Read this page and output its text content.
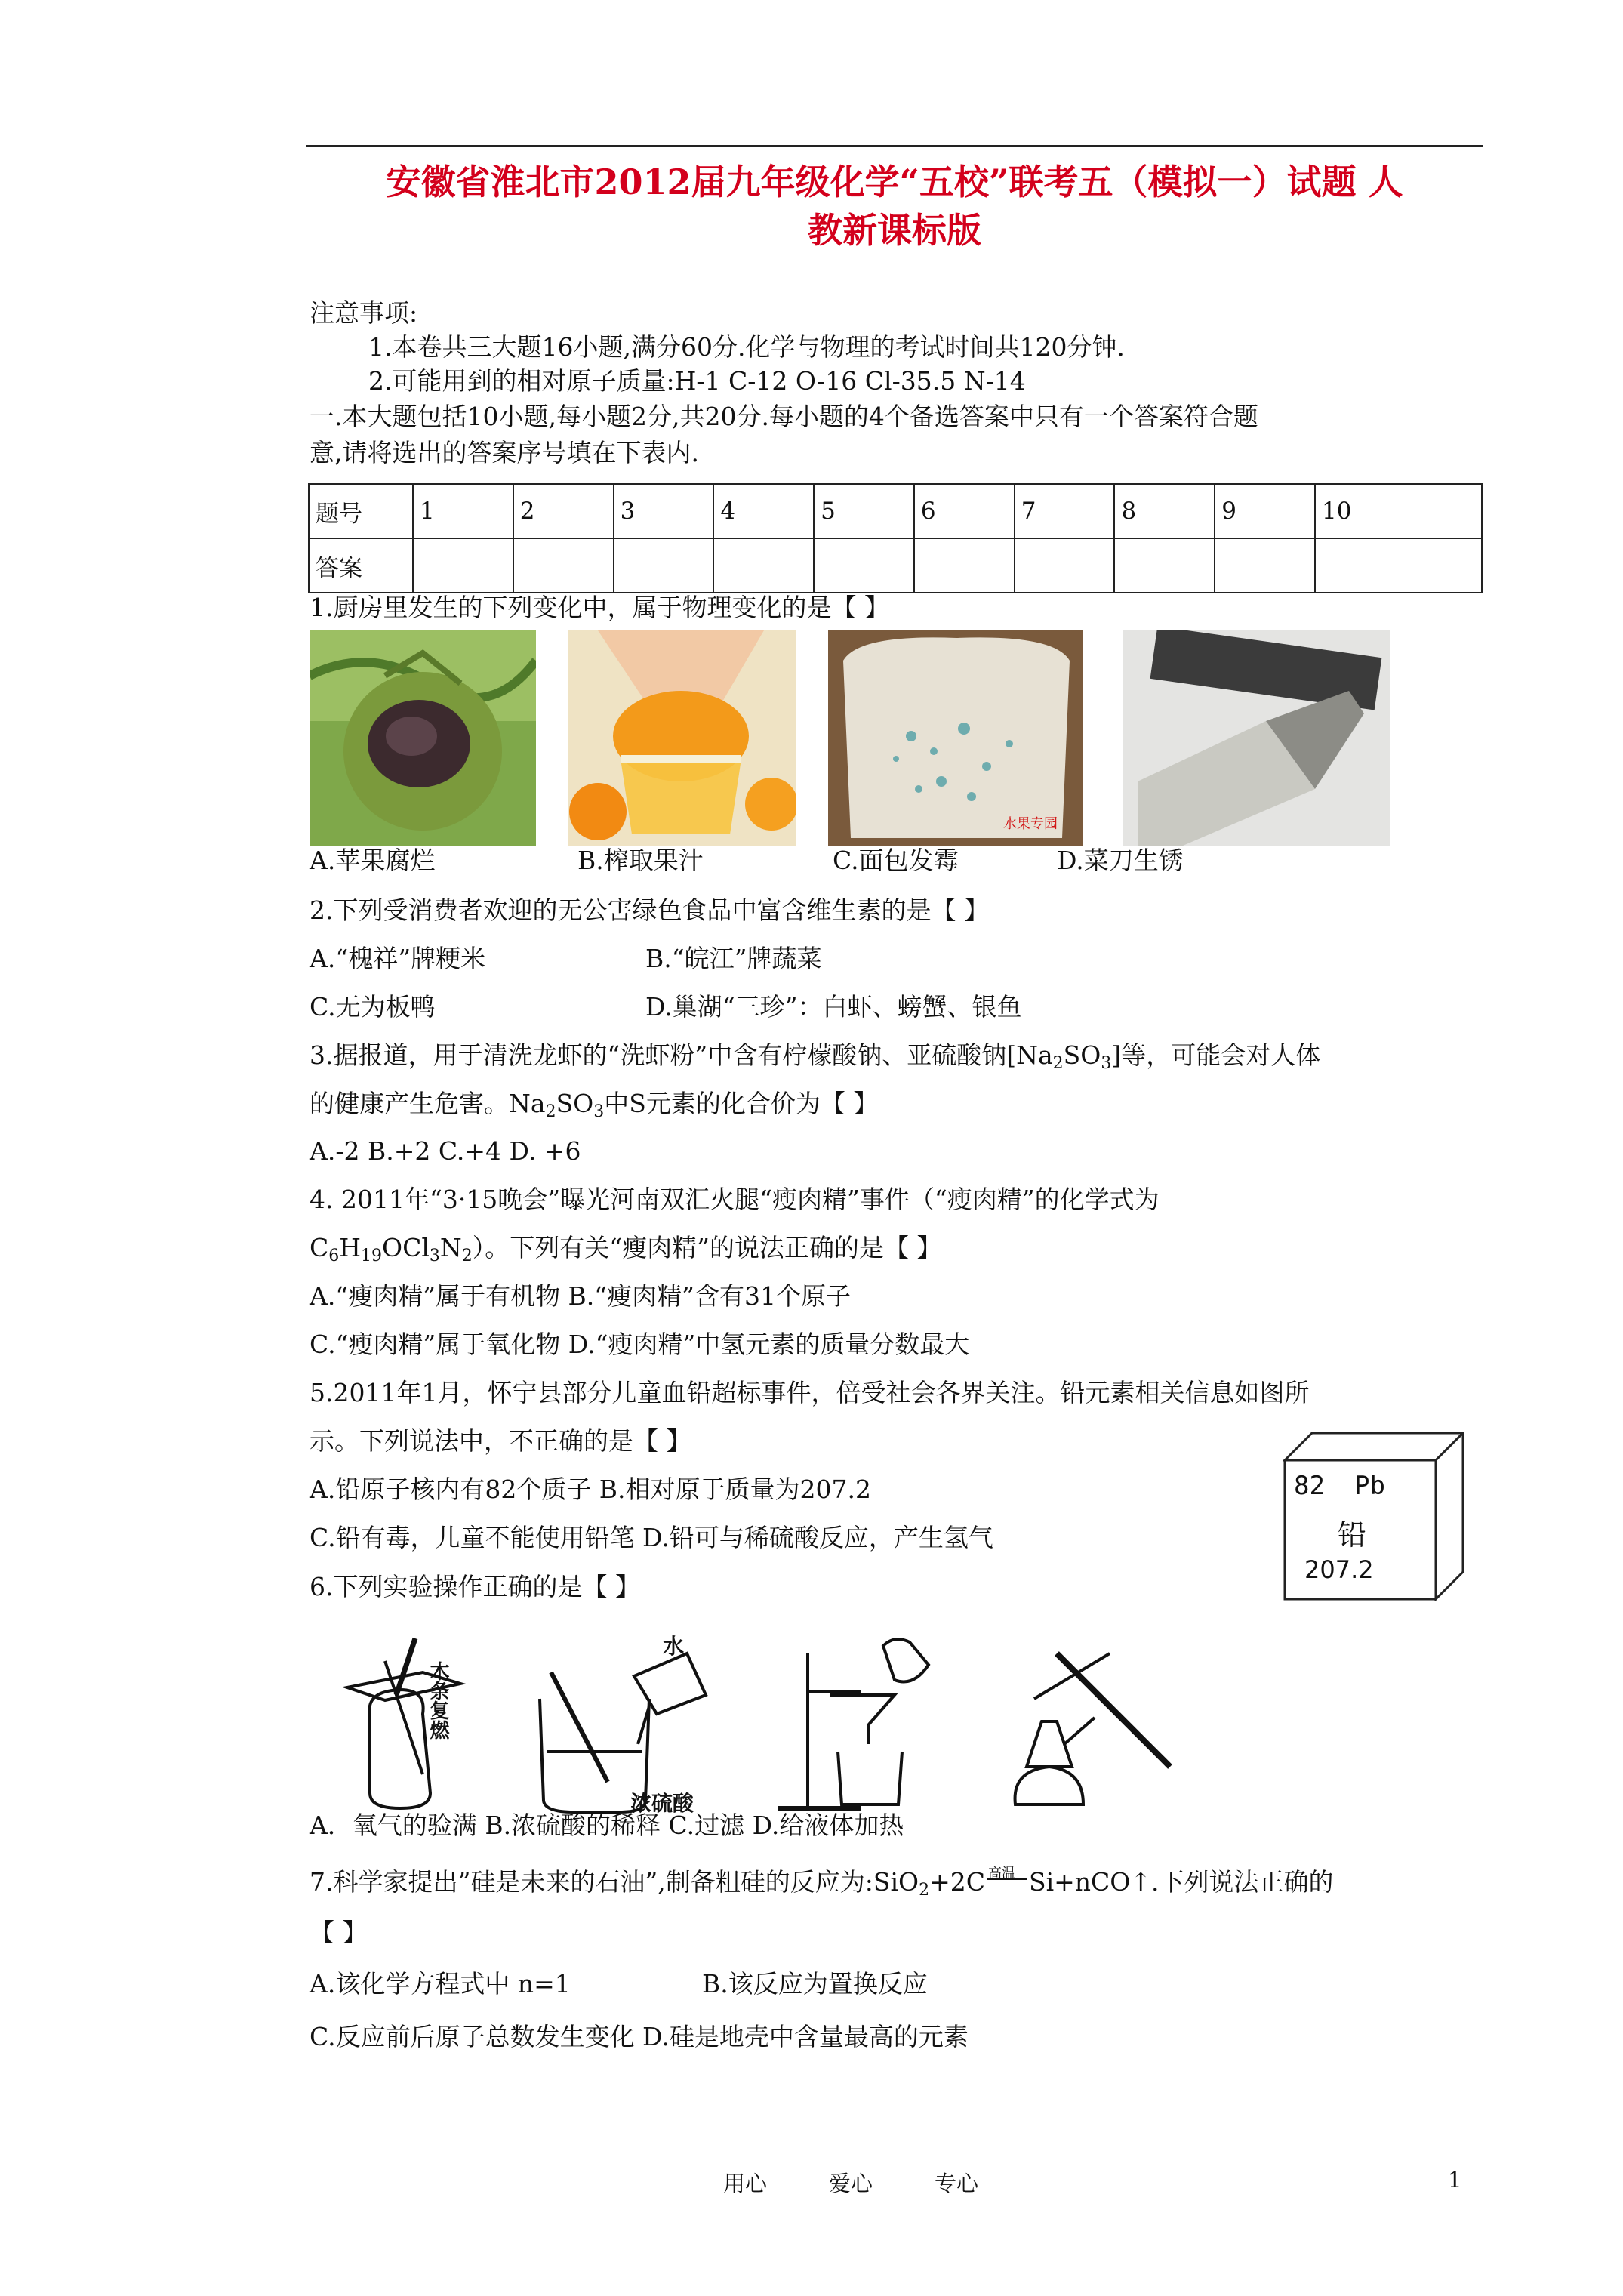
安徽省淮北市2012届九年级化学“五校”联考五（模拟一）试题 人
教新课标版
注意事项:
1.本卷共三大题16小题,满分60分.化学与物理的考试时间共120分钟.
2.可能用到的相对原子质量:H-1 C-12 O-16 Cl-35.5 N-14
一.本大题包括10小题,每小题2分,共20分.每小题的4个备选答案中只有一个答案符合题
意,请将选出的答案序号填在下表内.
题号	1	2	3	4	5	6	7	8	9	10
答案										
1.厨房里发生的下列变化中，属于物理变化的是【 】
水果专园
A.苹果腐烂	B.榨取果汁	C.面包发霉	D.菜刀生锈
2.下列受消费者欢迎的无公害绿色食品中富含维生素的是【 】
A.“槐祥”牌粳米	B.“皖江”牌蔬菜
C.无为板鸭	D.巢湖“三珍”：白虾、螃蟹、银鱼
3.据报道，用于清洗龙虾的“洗虾粉”中含有柠檬酸钠、亚硫酸钠$[Na_2SO_3]$等，可能会对人体
的健康产生危害。$Na_2SO_3$中S元素的化合价为【 】
A.-2 B.+2 C.+4 D. +6
4. 2011年“3·15晚会”曝光河南双汇火腿“瘦肉精”事件（“瘦肉精”的化学式为
$C_6H_{19}OCl_3N_2$）。下列有关“瘦肉精”的说法正确的是【 】
A.“瘦肉精”属于有机物 B.“瘦肉精”含有31个原子
C.“瘦肉精”属于氧化物 D.“瘦肉精”中氢元素的质量分数最大
5.2011年1月，怀宁县部分儿童血铅超标事件，倍受社会各界关注。铅元素相关信息如图所
示。下列说法中，不正确的是【 】
A.铅原子核内有82个质子 B.相对原于质量为207.2
C.铅有毒，儿童不能使用铅笔 D.铅可与稀硫酸反应，产生氢气
82 Pb
铅
207.2
6.下列实验操作正确的是【 】
木条复燃
水
浓硫酸
A．氧气的验满 B.浓硫酸的稀释 C.过滤 D.给液体加热
7.科学家提出”硅是未来的石油”,制备粗硅的反应为:SiO$_2$+2C 高温 Si+nCO↑.下列说法正确的
【 】
A.该化学方程式中 n=1	B.该反应为置换反应
C.反应前后原子总数发生变化 D.硅是地壳中含量最高的元素
用心	爱心	专心	1
